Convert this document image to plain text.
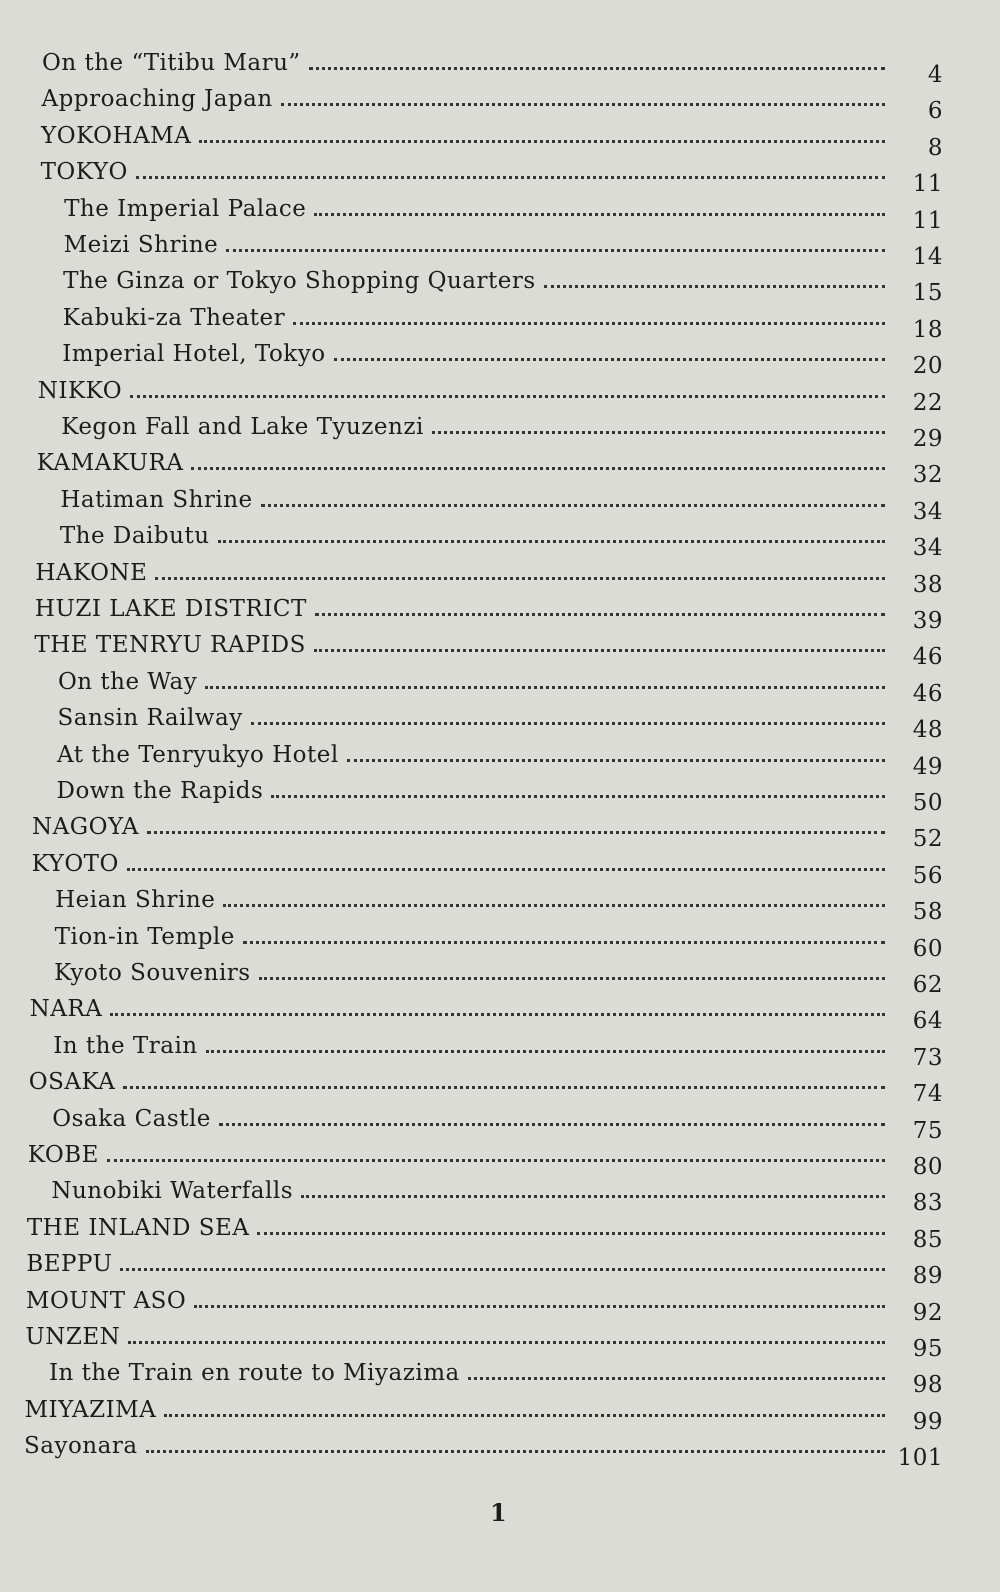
On the “Titibu Maru”	4
Approaching Japan	6
YOKOHAMA	8
TOKYO	11
The Imperial Palace	11
Meizi Shrine	14
The Ginza or Tokyo Shopping Quarters	15
Kabuki-za Theater	18
Imperial Hotel, Tokyo	20
NIKKO	22
Kegon Fall and Lake Tyuzenzi	29
KAMAKURA	32
Hatiman Shrine	34
The Daibutu	34
HAKONE	38
HUZI LAKE DISTRICT	39
THE TENRYU RAPIDS	46
On the Way	46
Sansin Railway	48
At the Tenryukyo Hotel	49
Down the Rapids	50
NAGOYA	52
KYOTO	56
Heian Shrine	58
Tion-in Temple	60
Kyoto Souvenirs	62
NARA	64
In the Train	73
OSAKA	74
Osaka Castle	75
KOBE	80
Nunobiki Waterfalls	83
THE INLAND SEA	85
BEPPU	89
MOUNT ASO	92
UNZEN	95
In the Train en route to Miyazima	98
MIYAZIMA	99
Sayonara	101
1
